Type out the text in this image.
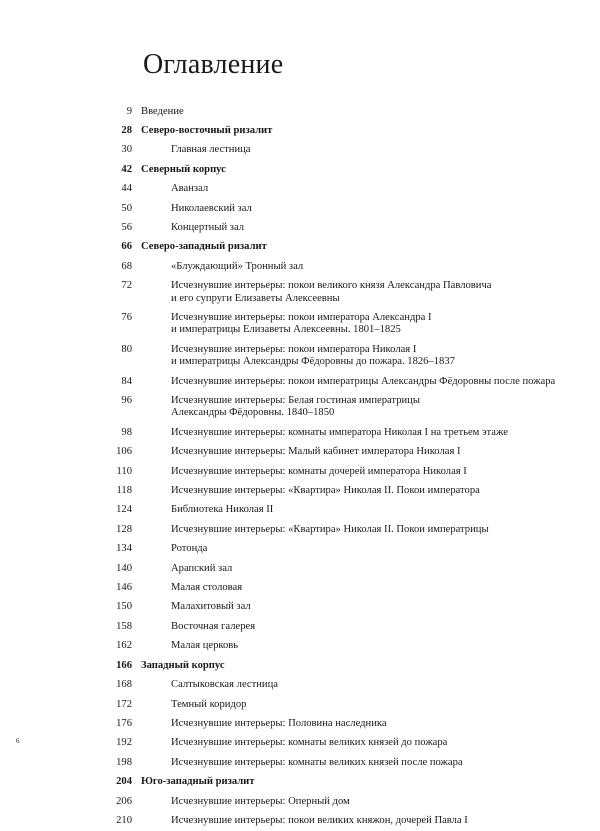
Оглавление
9 Введение
28 Северо-восточный ризалит
30	Главная лестница
42 Северный корпус
44	Аванзал
50	Николаевский зал
56	Концертный зал
66 Северо-западный ризалит
68	«Блуждающий» Тронный зал
72	Исчезнувшие интерьеры: покои великого князя Александра Павловича
и его супруги Елизаветы Алексеевны
76	Исчезнувшие интерьеры: покои императора Александра I
и императрицы Елизаветы Алексеевны. 1801–1825
80	Исчезнувшие интерьеры: покои императора Николая I
и императрицы Александры Фёдоровны до пожара. 1826–1837
84	Исчезнувшие интерьеры: покои императрицы Александры Фёдоровны после пожара
96	Исчезнувшие интерьеры: Белая гостиная императрицы
Александры Фёдоровны. 1840–1850
98	Исчезнувшие интерьеры: комнаты императора Николая I на третьем этаже
106	Исчезнувшие интерьеры: Малый кабинет императора Николая I
110	Исчезнувшие интерьеры: комнаты дочерей императора Николая I
118	Исчезнувшие интерьеры: «Квартира» Николая II. Покои императора
124	Библиотека Николая II
128	Исчезнувшие интерьеры: «Квартира» Николая II. Покои императрицы
134	Ротонда
140	Арапский зал
146	Малая столовая
150	Малахитовый зал
158	Восточная галерея
162	Малая церковь
166 Западный корпус
168	Салтыковская лестница
172	Темный коридор
176	Исчезнувшие интерьеры: Половина наследника
192	Исчезнувшие интерьеры: комнаты великих князей до пожара
198	Исчезнувшие интерьеры: комнаты великих князей после пожара
204 Юго-западный ризалит
206	Исчезнувшие интерьеры: Оперный дом
210	Исчезнувшие интерьеры: покои великих княжон, дочерей Павла I
6
